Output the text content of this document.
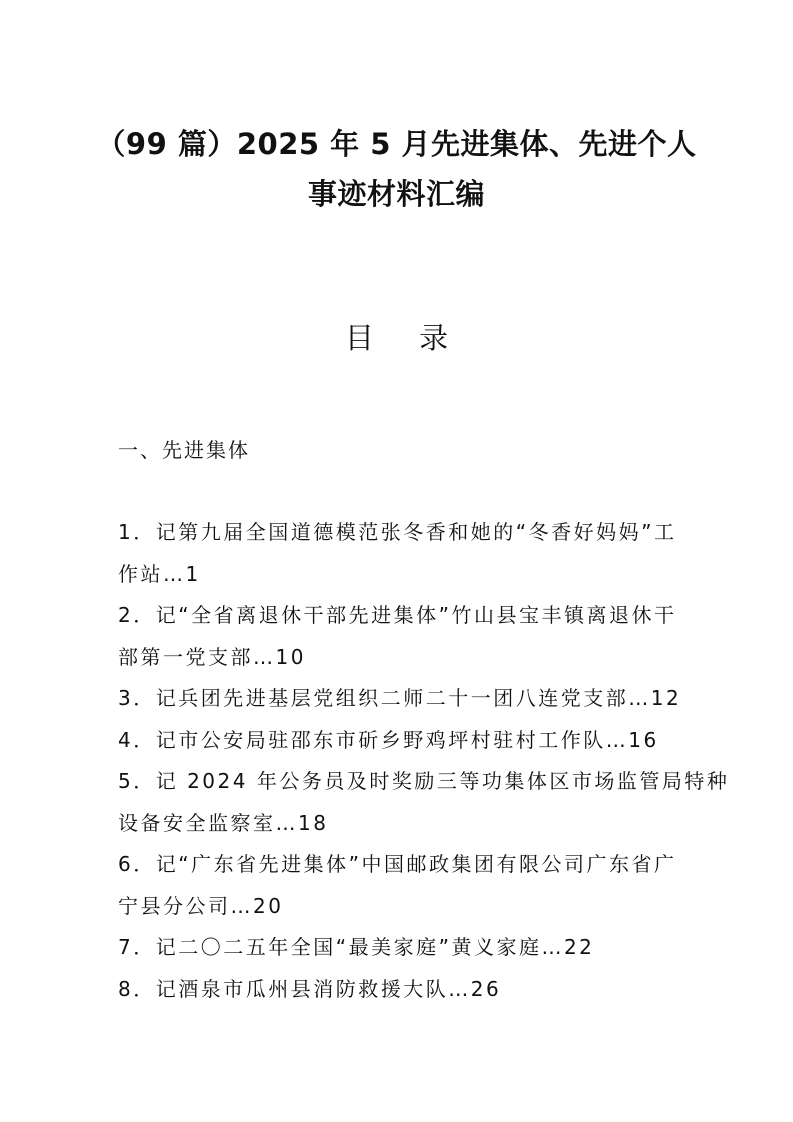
（99 篇）2025 年 5 月先进集体、先进个人
事迹材料汇编
目 录
一、先进集体
1．记第九届全国道德模范张冬香和她的“冬香好妈妈”工
作站…1
2．记“全省离退休干部先进集体”竹山县宝丰镇离退休干
部第一党支部…10
3．记兵团先进基层党组织二师二十一团八连党支部…12
4．记市公安局驻邵东市斫乡野鸡坪村驻村工作队…16
5．记 2024 年公务员及时奖励三等功集体区市场监管局特种
设备安全监察室…18
6．记“广东省先进集体”中国邮政集团有限公司广东省广
宁县分公司…20
7．记二〇二五年全国“最美家庭”黄义家庭…22
8．记酒泉市瓜州县消防救援大队…26
